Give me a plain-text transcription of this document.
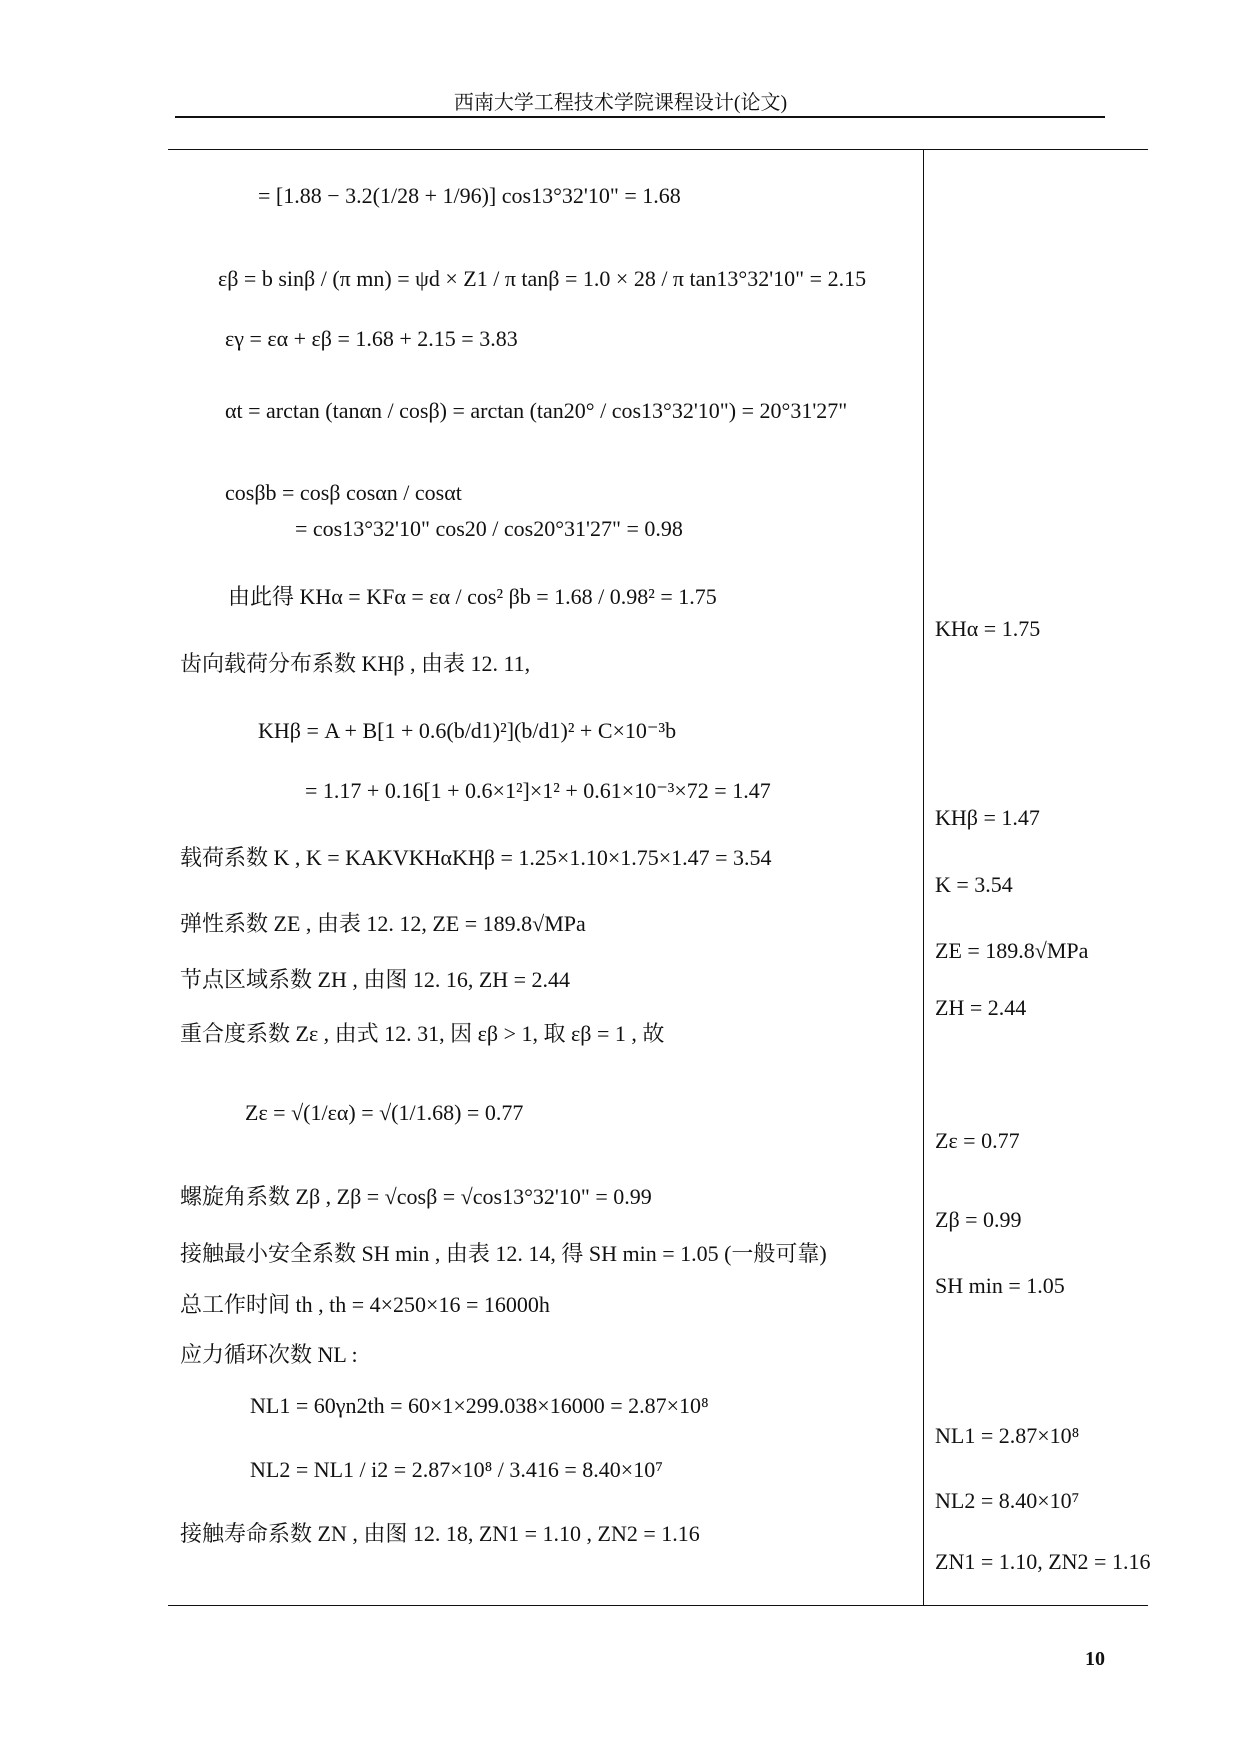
西南大学工程技术学院课程设计(论文)
= [1.88 − 3.2(1/28 + 1/96)] cos13°32'10" = 1.68
εβ = b sinβ / (π mn) = ψd × Z1 / π tanβ = 1.0 × 28 / π tan13°32'10" = 2.15
εγ = εα + εβ = 1.68 + 2.15 = 3.83
αt = arctan (tanαn / cosβ) = arctan (tan20° / cos13°32'10") = 20°31'27"
cosβb = cosβ cosαn / cosαt
= cos13°32'10" cos20 / cos20°31'27" = 0.98
由此得 KHα = KFα = εα / cos² βb = 1.68 / 0.98² = 1.75
齿向载荷分布系数 KHβ , 由表 12. 11,
KHβ = A + B[1 + 0.6(b/d1)²](b/d1)² + C×10⁻³b
= 1.17 + 0.16[1 + 0.6×1²]×1² + 0.61×10⁻³×72 = 1.47
载荷系数 K , K = KAKVKHαKHβ = 1.25×1.10×1.75×1.47 = 3.54
弹性系数 ZE , 由表 12. 12, ZE = 189.8√MPa
节点区域系数 ZH , 由图 12. 16, ZH = 2.44
重合度系数 Zε , 由式 12. 31, 因 εβ > 1, 取 εβ = 1 , 故
Zε = √(1/εα) = √(1/1.68) = 0.77
螺旋角系数 Zβ , Zβ = √cosβ = √cos13°32'10" = 0.99
接触最小安全系数 SH min , 由表 12. 14, 得 SH min = 1.05 (一般可靠)
总工作时间 th , th = 4×250×16 = 16000h
应力循环次数 NL :
NL1 = 60γn2th = 60×1×299.038×16000 = 2.87×10⁸
NL2 = NL1 / i2 = 2.87×10⁸ / 3.416 = 8.40×10⁷
接触寿命系数 ZN , 由图 12. 18, ZN1 = 1.10 , ZN2 = 1.16
KHα = 1.75
KHβ = 1.47
K = 3.54
ZE = 189.8√MPa
ZH = 2.44
Zε = 0.77
Zβ = 0.99
SH min = 1.05
NL1 = 2.87×10⁸
NL2 = 8.40×10⁷
ZN1 = 1.10, ZN2 = 1.16
10
